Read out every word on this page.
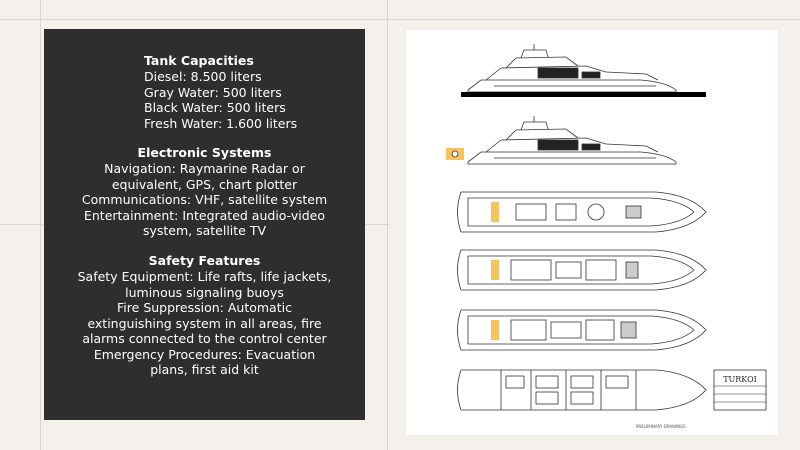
Tank Capacities
Diesel: 8.500 liters
Gray Water: 500 liters
Black Water: 500 liters
Fresh Water: 1.600 liters
Electronic Systems
Navigation: Raymarine Radar or
equivalent, GPS, chart plotter
Communications: VHF, satellite system
Entertainment: Integrated audio-video
system, satellite TV
Safety Features
Safety Equipment: Life rafts, life jackets,
luminous signaling buoys
Fire Suppression: Automatic
extinguishing system in all areas, fire
alarms connected to the control center
Emergency Procedures: Evacuation
plans, first aid kit
TURKOI
PRELIMINARY DRAWINGS
